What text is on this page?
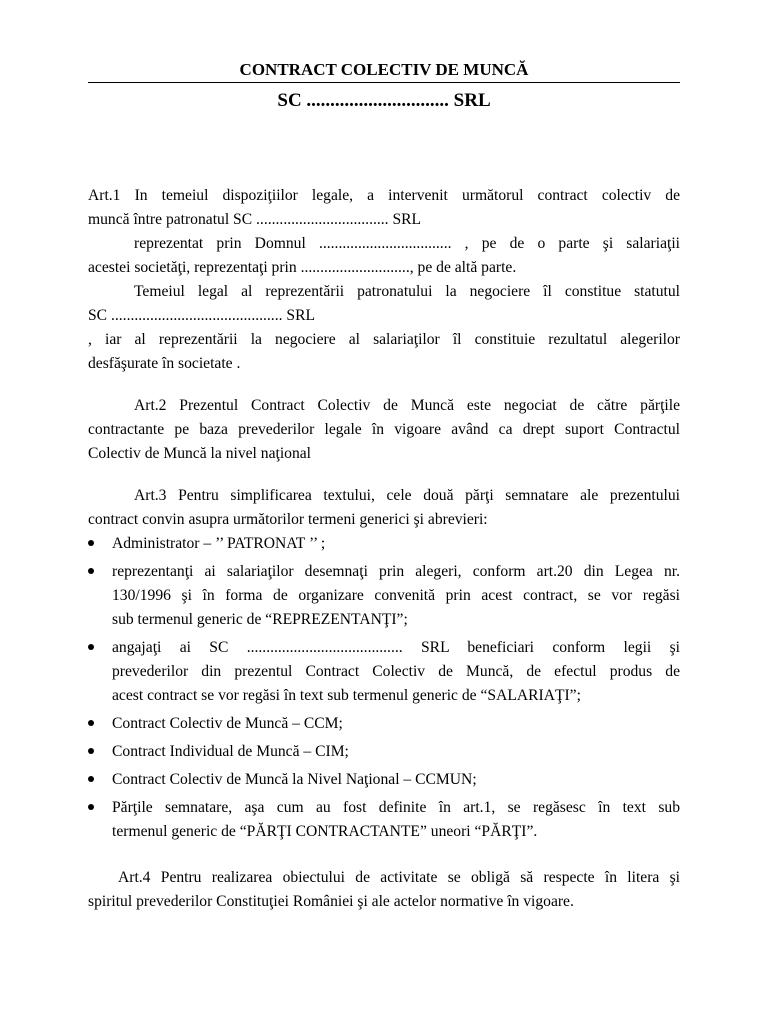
CONTRACT COLECTIV DE MUNCĂ
SC .............................. SRL
Art.1 In temeiul dispoziţiilor legale, a intervenit următorul contract colectiv de
muncă între patronatul SC .................................. SRL
reprezentat prin Domnul .................................. , pe de o parte şi salariaţii
acestei societăţi, reprezentaţi prin ............................, pe de altă parte.
Temeiul legal al reprezentării patronatului la negociere îl constitue statutul
SC ............................................ SRL
, iar al reprezentării la negociere al salariaţilor îl constituie rezultatul alegerilor
desfăşurate în societate .
Art.2 Prezentul Contract Colectiv de Muncă este negociat de către părţile
contractante pe baza prevederilor legale în vigoare având ca drept suport Contractul
Colectiv de Muncă la nivel naţional
Art.3 Pentru simplificarea textului, cele două părţi semnatare ale prezentului
contract convin asupra următorilor termeni generici şi abrevieri:
Administrator – ’’ PATRONAT ’’ ;
reprezentanţi ai salariaţilor desemnaţi prin alegeri, conform art.20 din Legea nr.
130/1996 şi în forma de organizare convenită prin acest contract, se vor regăsi
sub termenul generic de “REPREZENTANŢI”;
angajaţi ai SC ........................................ SRL beneficiari conform legii şi
prevederilor din prezentul Contract Colectiv de Muncă, de efectul produs de
acest contract se vor regăsi în text sub termenul generic de “SALARIAŢI”;
Contract Colectiv de Muncă – CCM;
Contract Individual de Muncă – CIM;
Contract Colectiv de Muncă la Nivel Naţional – CCMUN;
Părţile semnatare, aşa cum au fost definite în art.1, se regăsesc în text sub
termenul generic de “PĂRŢI CONTRACTANTE” uneori “PĂRŢI”.
Art.4 Pentru realizarea obiectului de activitate se obligă să respecte în litera şi
spiritul prevederilor Constituţiei României şi ale actelor normative în vigoare.
